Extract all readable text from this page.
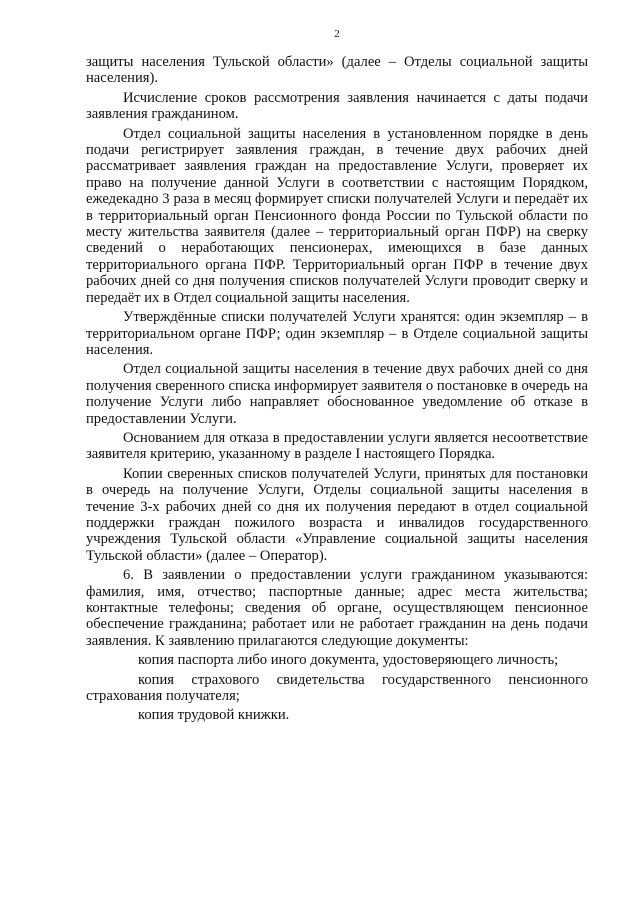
2

защиты населения Тульской области» (далее – Отделы социальной защиты населения).

Исчисление сроков рассмотрения заявления начинается с даты подачи заявления гражданином.

Отдел социальной защиты населения в установленном порядке в день подачи регистрирует заявления граждан, в течение двух рабочих дней рассматривает заявления граждан на предоставление Услуги, проверяет их право на получение данной Услуги в соответствии с настоящим Порядком, ежедекадно 3 раза в месяц формирует списки получателей Услуги и передаёт их в территориальный орган Пенсионного фонда России по Тульской области по месту жительства заявителя (далее – территориальный орган ПФР) на сверку сведений о неработающих пенсионерах, имеющихся в базе данных территориального органа ПФР. Территориальный орган ПФР в течение двух рабочих дней со дня получения списков получателей Услуги проводит сверку и передаёт их в Отдел социальной защиты населения.

Утверждённые списки получателей Услуги хранятся: один экземпляр – в территориальном органе ПФР; один экземпляр – в Отделе социальной защиты населения.

Отдел социальной защиты населения в течение двух рабочих дней со дня получения сверенного списка информирует заявителя о постановке в очередь на получение Услуги либо направляет обоснованное уведомление об отказе в предоставлении Услуги.

Основанием для отказа в предоставлении услуги является несоответствие заявителя критерию, указанному в разделе I настоящего Порядка.

Копии сверенных списков получателей Услуги, принятых для постановки в очередь на получение Услуги, Отделы социальной защиты населения в течение 3-х рабочих дней со дня их получения передают в отдел социальной поддержки граждан пожилого возраста и инвалидов государственного учреждения Тульской области «Управление социальной защиты населения Тульской области» (далее – Оператор).

6. В заявлении о предоставлении услуги гражданином указываются: фамилия, имя, отчество; паспортные данные; адрес места жительства; контактные телефоны; сведения об органе, осуществляющем пенсионное обеспечение гражданина; работает или не работает гражданин на день подачи заявления. К заявлению прилагаются следующие документы:

копия паспорта либо иного документа, удостоверяющего личность;

копия страхового свидетельства государственного пенсионного страхования получателя;

копия трудовой книжки.
